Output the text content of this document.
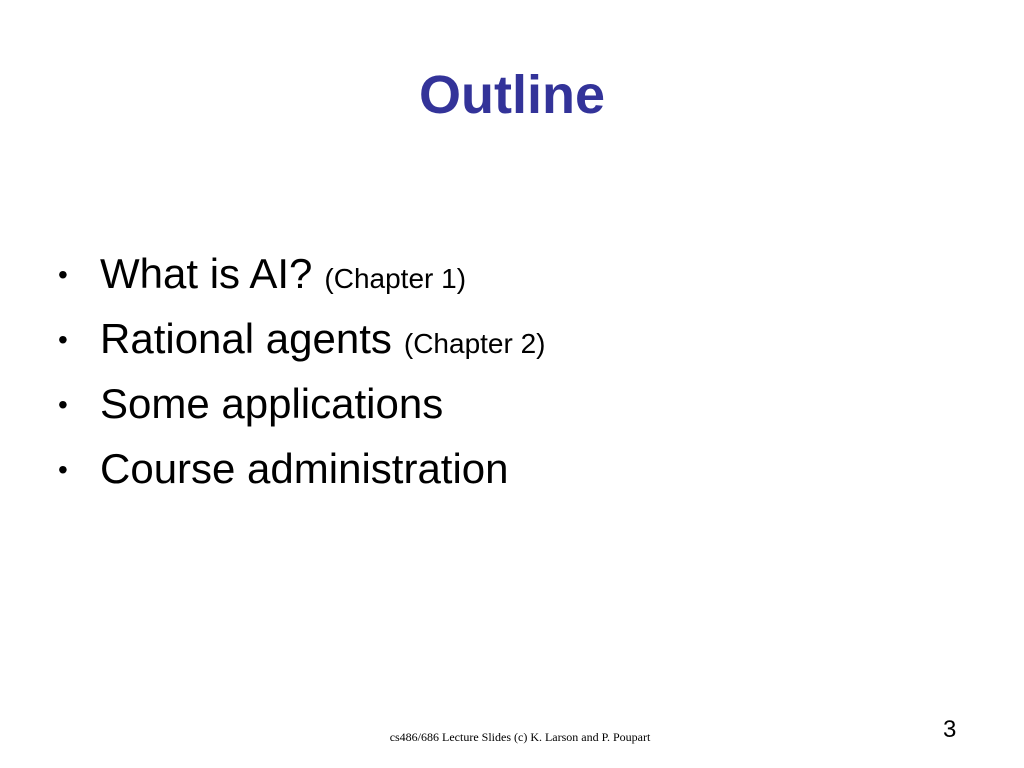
Outline
• What is AI? (Chapter 1)
• Rational agents (Chapter 2)
• Some applications
• Course administration
cs486/686 Lecture Slides (c) K. Larson and P. Poupart	3
